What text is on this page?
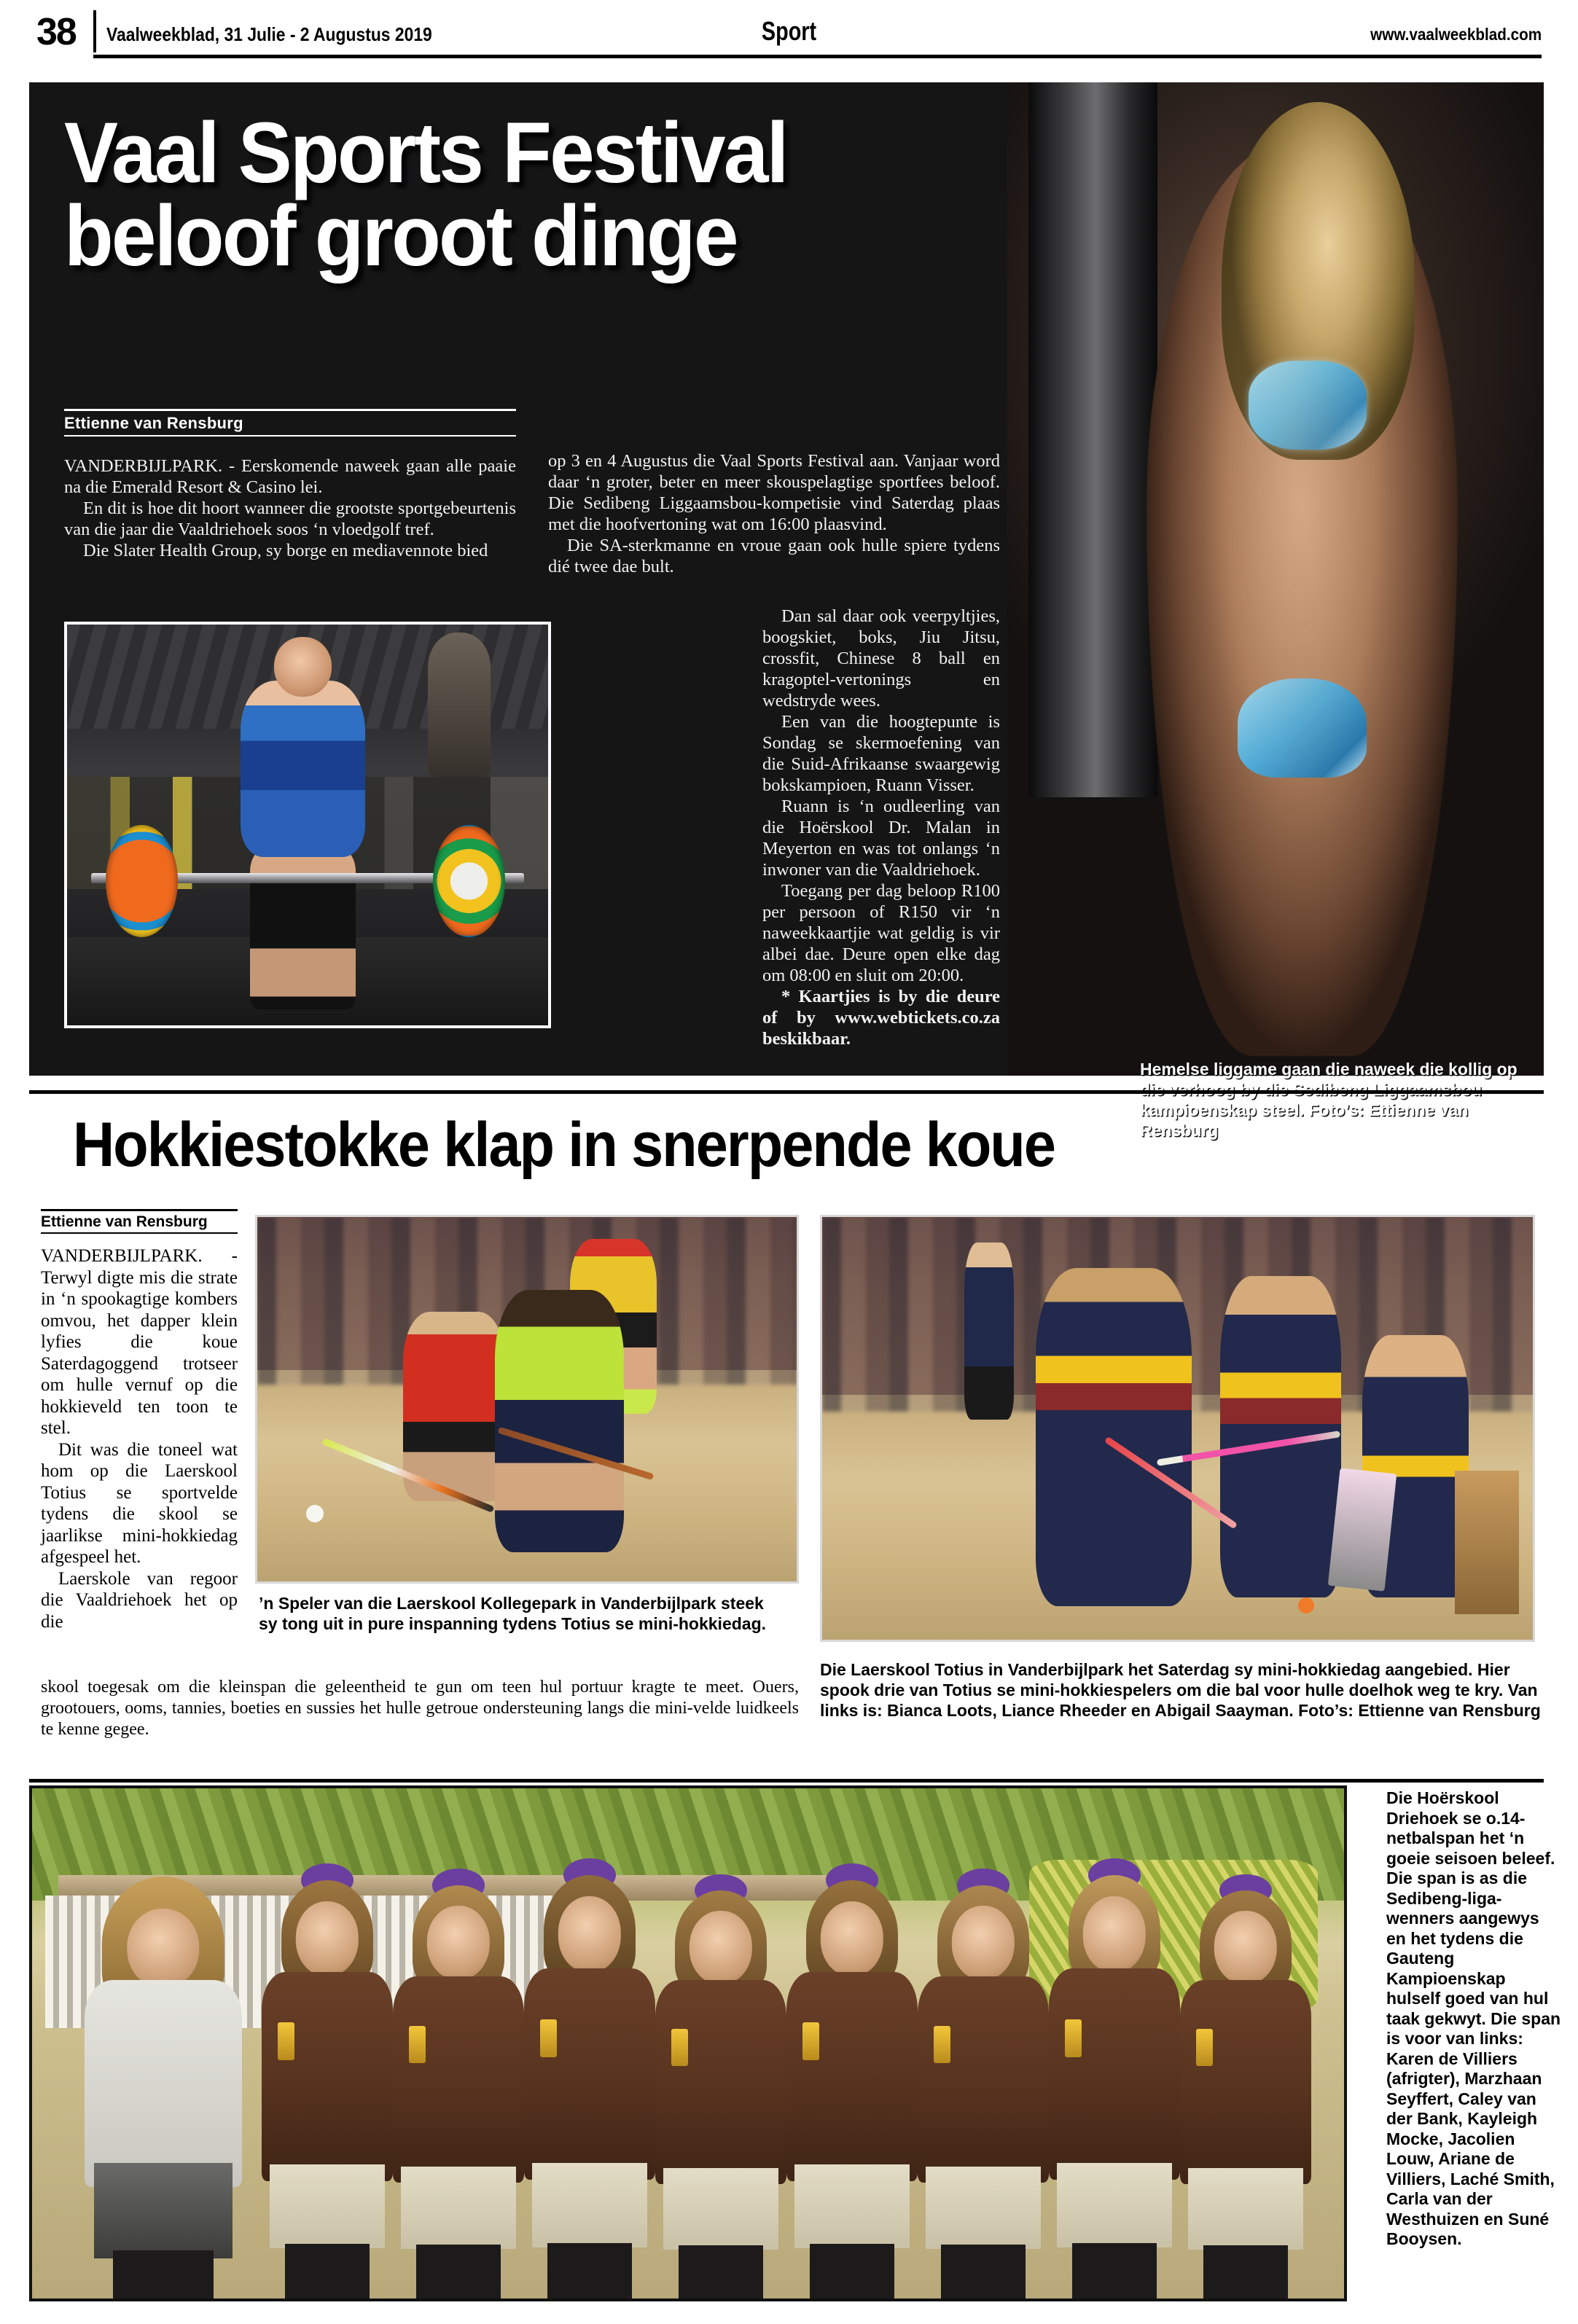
38 Vaalweekblad, 31 Julie - 2 Augustus 2019	Sport	www.vaalweekblad.com
Vaal Sports Festival
beloof groot dinge
Ettienne van Rensburg

VANDERBIJLPARK. - Eerskomende naweek gaan alle paaie na die Emerald Resort & Casino lei.

En dit is hoe dit hoort wanneer die grootste sportgebeurtenis van die jaar die Vaaldriehoek soos ‘n vloedgolf tref.

Die Slater Health Group, sy borge en mediavennote bied

op 3 en 4 Augustus die Vaal Sports Festival aan. Vanjaar word daar ‘n groter, beter en meer skouspelagtige sportfees beloof. Die Sedibeng Liggaamsbou-kompetisie vind Saterdag plaas met die hoofvertoning wat om 16:00 plaasvind.

Die SA-sterkmanne en vroue gaan ook hulle spiere tydens dié twee dae bult.

Dan sal daar ook veerpyltjies, boogskiet, boks, Jiu Jitsu, crossfit, Chinese 8 ball en kragoptel-vertonings en wedstryde wees.

Een van die hoogtepunte is Sondag se skermoefening van die Suid-Afrikaanse swaargewig bokskampioen, Ruann Visser.

Ruann is ‘n oudleerling van die Hoërskool Dr. Malan in Meyerton en was tot onlangs ‘n inwoner van die Vaaldriehoek.

Toegang per dag beloop R100 per persoon of R150 vir ‘n naweekkaartjie wat geldig is vir albei dae. Deure open elke dag om 08:00 en sluit om 20:00.

* Kaartjies is by die deure of by www.webtickets.co.za beskikbaar.

Are en spiere gaan bult by die naweek se Vaal Sports Festival.
Hemelse liggame gaan die naweek die kollig op die verhoog by die Sedibeng Liggaamsbou-kampioenskap steel. Foto’s: Ettienne van Rensburg
Hokkiestokke klap in snerpende koue
Ettienne van Rensburg

VANDERBIJLPARK. - Terwyl digte mis die strate in ‘n spookagtige kombers omvou, het dapper klein lyfies die koue Saterdagoggend trotseer om hulle vernuf op die hokkieveld ten toon te stel.

Dit was die toneel wat hom op die Laerskool Totius se sportvelde tydens die skool se jaarlikse mini-hokkiedag afgespeel het.

Laerskole van regoor die Vaaldriehoek het op die

skool toegesak om die kleinspan die geleentheid te gun om teen hul portuur kragte te meet. Ouers, grootouers, ooms, tannies, boeties en sussies het hulle getroue ondersteuning langs die mini-velde luidkeels te kenne gegee.

’n Speler van die Laerskool Kollegepark in Vanderbijlpark steek sy tong uit in pure inspanning tydens Totius se mini-hokkiedag.
Die Laerskool Totius in Vanderbijlpark het Saterdag sy mini-hokkiedag aangebied. Hier spook drie van Totius se mini-hokkiespelers om die bal voor hulle doelhok weg te kry. Van links is: Bianca Loots, Liance Rheeder en Abigail Saayman. Foto’s: Ettienne van Rensburg
Die Hoërskool Driehoek se o.14-netbalspan het ‘n goeie seisoen beleef. Die span is as die Sedibeng-liga-wenners aangewys en het tydens die Gauteng Kampioenskap hulself goed van hul taak gekwyt. Die span is voor van links: Karen de Villiers (afrigter), Marzhaan Seyffert, Caley van der Bank, Kayleigh Mocke, Jacolien Louw, Ariane de Villiers, Laché Smith, Carla van der Westhuizen en Suné Booysen.
